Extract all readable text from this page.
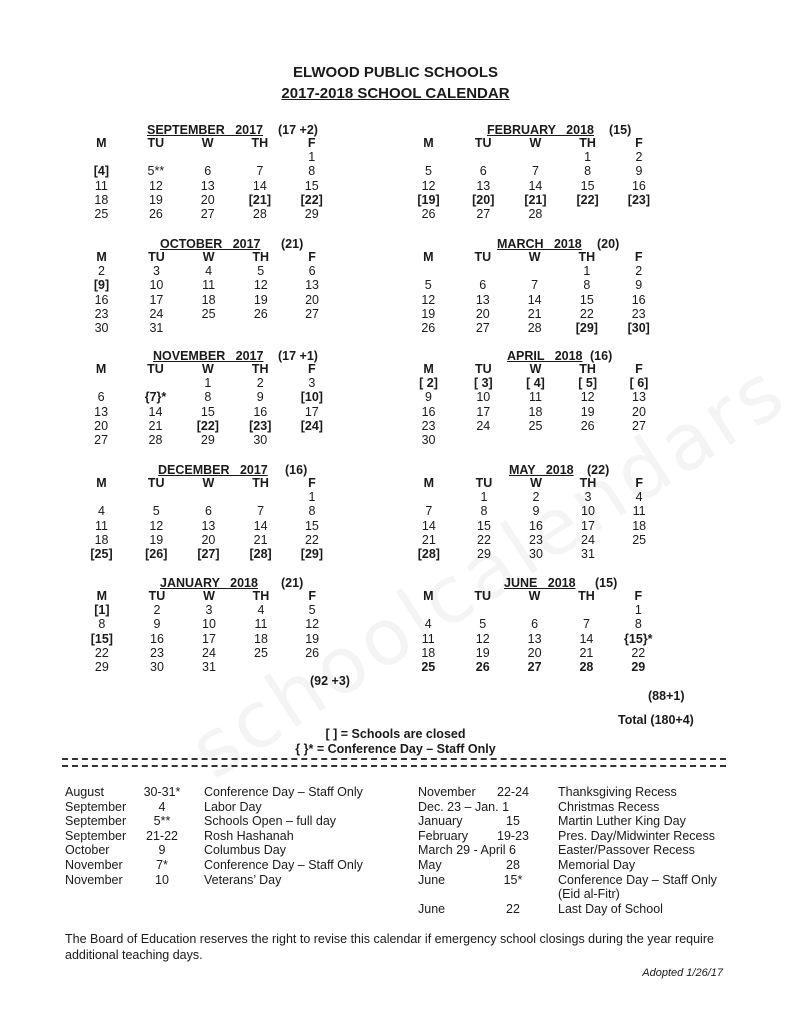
ELWOOD PUBLIC SCHOOLS
2017-2018 SCHOOL CALENDAR
SEPTEMBER   2017 (17 +2)
M	TU	W	TH	F
				1
[4]	5**	6	7	8
11	12	13	14	15
18	19	20	[21]	[22]
25	26	27	28	29
OCTOBER   2017 (21)
M	TU	W	TH	F
2	3	4	5	6
[9]	10	11	12	13
16	17	18	19	20
23	24	25	26	27
30	31			
NOVEMBER   2017 (17 +1)
M	TU	W	TH	F
		1	2	3
6	{7}*	8	9	[10]
13	14	15	16	17
20	21	[22]	[23]	[24]
27	28	29	30	
DECEMBER   2017 (16)
M	TU	W	TH	F
				1
4	5	6	7	8
11	12	13	14	15
18	19	20	21	22
[25]	[26]	[27]	[28]	[29]
JANUARY   2018 (21)
M	TU	W	TH	F
[1]	2	3	4	5
8	9	10	11	12
[15]	16	17	18	19
22	23	24	25	26
29	30	31		
FEBRUARY   2018 (15)
M	TU	W	TH	F
			1	2
5	6	7	8	9
12	13	14	15	16
[19]	[20]	[21]	[22]	[23]
26	27	28		
MARCH   2018 (20)
M	TU	W	TH	F
			1	2
5	6	7	8	9
12	13	14	15	16
19	20	21	22	23
26	27	28	[29]	[30]
APRIL   2018 (16)
M	TU	W	TH	F
[ 2]	[ 3]	[ 4]	[ 5]	[ 6]
9	10	11	12	13
16	17	18	19	20
23	24	25	26	27
30				
MAY   2018 (22)
M	TU	W	TH	F
	1	2	3	4
7	8	9	10	11
14	15	16	17	18
21	22	23	24	25
[28]	29	30	31	
JUNE   2018 (15)
M	TU	W	TH	F
				1
4	5	6	7	8
11	12	13	14	{15}*
18	19	20	21	22
25	26	27	28	29
(92 +3)
(88+1)
Total (180+4)
[ ] = Schools are closed
{ }* = Conference Day – Staff Only
August	30-31* Conference Day – Staff Only
September	4	Labor Day
September	5**	Schools Open – full day
September	21-22	Rosh Hashanah
October	9	Columbus Day
November	7*	Conference Day – Staff Only
November	10	Veterans’ Day
November	22-24	Thanksgiving Recess
Dec. 23 – Jan. 1	Christmas Recess
January	15	Martin Luther King Day
February	19-23	Pres. Day/Midwinter Recess
March 29 - April 6	Easter/Passover Recess
May	28	Memorial Day
June	15*	Conference Day – Staff Only
(Eid al-Fitr)
June	22	Last Day of School
The Board of Education reserves the right to revise this calendar if emergency school closings during the year require additional teaching days.
Adopted 1/26/17
